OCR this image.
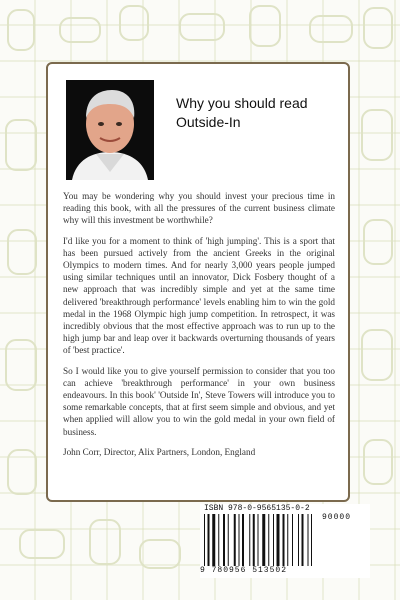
Why you should read
Outside-In

You may be wondering why you should invest your precious time in reading this book, with all the pressures of the current business climate why will this investment be worthwhile?

I'd like you for a moment to think of 'high jumping'. This is a sport that has been pursued actively from the ancient Greeks in the original Olympics to modern times. And for nearly 3,000 years people jumped using similar techniques until an innovator, Dick Fosbery thought of a new approach that was incredibly simple and yet at the same time delivered 'breakthrough performance' levels enabling him to win the gold medal in the 1968 Olympic high jump competition. In retrospect, it was incredibly obvious that the most effective approach was to run up to the high jump bar and leap over it backwards overturning thousands of years of 'best practice'.

So I would like you to give yourself permission to consider that you too can achieve 'breakthrough performance' in your own business endeavours. In this book' 'Outside In', Steve Towers will introduce you to some remarkable concepts, that at first seem simple and obvious, and yet when applied will allow you to win the gold medal in your own field of business.

John Corr, Director, Alix Partners, London, England

ISBN 978-0-9565135-0-2
90000
9 780956 513502
